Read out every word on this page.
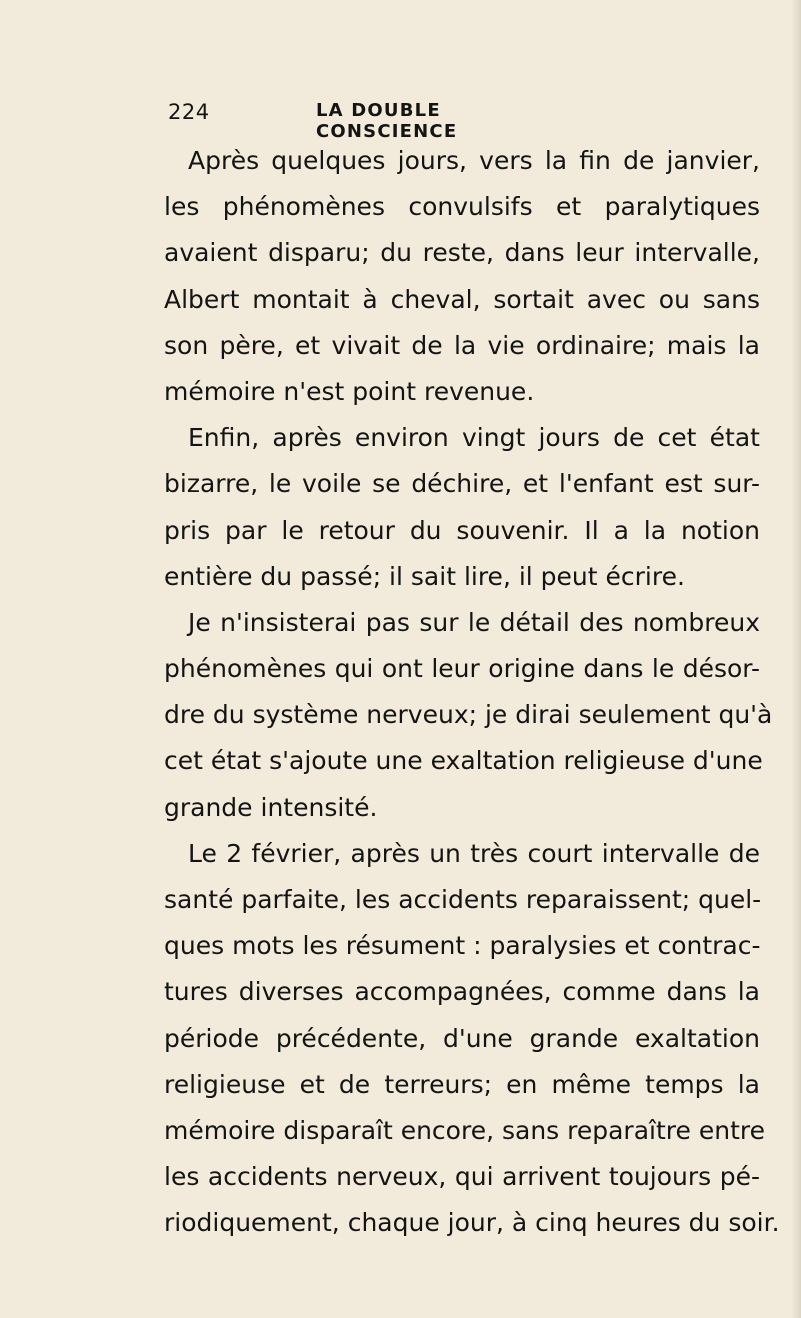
224	LA DOUBLE CONSCIENCE
Après quelques jours, vers la fin de janvier,
les phénomènes convulsifs et paralytiques
avaient disparu; du reste, dans leur intervalle,
Albert montait à cheval, sortait avec ou sans
son père, et vivait de la vie ordinaire; mais la
mémoire n'est point revenue.
Enfin, après environ vingt jours de cet état
bizarre, le voile se déchire, et l'enfant est sur-
pris par le retour du souvenir. Il a la notion
entière du passé; il sait lire, il peut écrire.
Je n'insisterai pas sur le détail des nombreux
phénomènes qui ont leur origine dans le désor-
dre du système nerveux; je dirai seulement qu'à
cet état s'ajoute une exaltation religieuse d'une
grande intensité.
Le 2 février, après un très court intervalle de
santé parfaite, les accidents reparaissent; quel-
ques mots les résument : paralysies et contrac-
tures diverses accompagnées, comme dans la
période précédente, d'une grande exaltation
religieuse et de terreurs; en même temps la
mémoire disparaît encore, sans reparaître entre
les accidents nerveux, qui arrivent toujours pé-
riodiquement, chaque jour, à cinq heures du soir.
